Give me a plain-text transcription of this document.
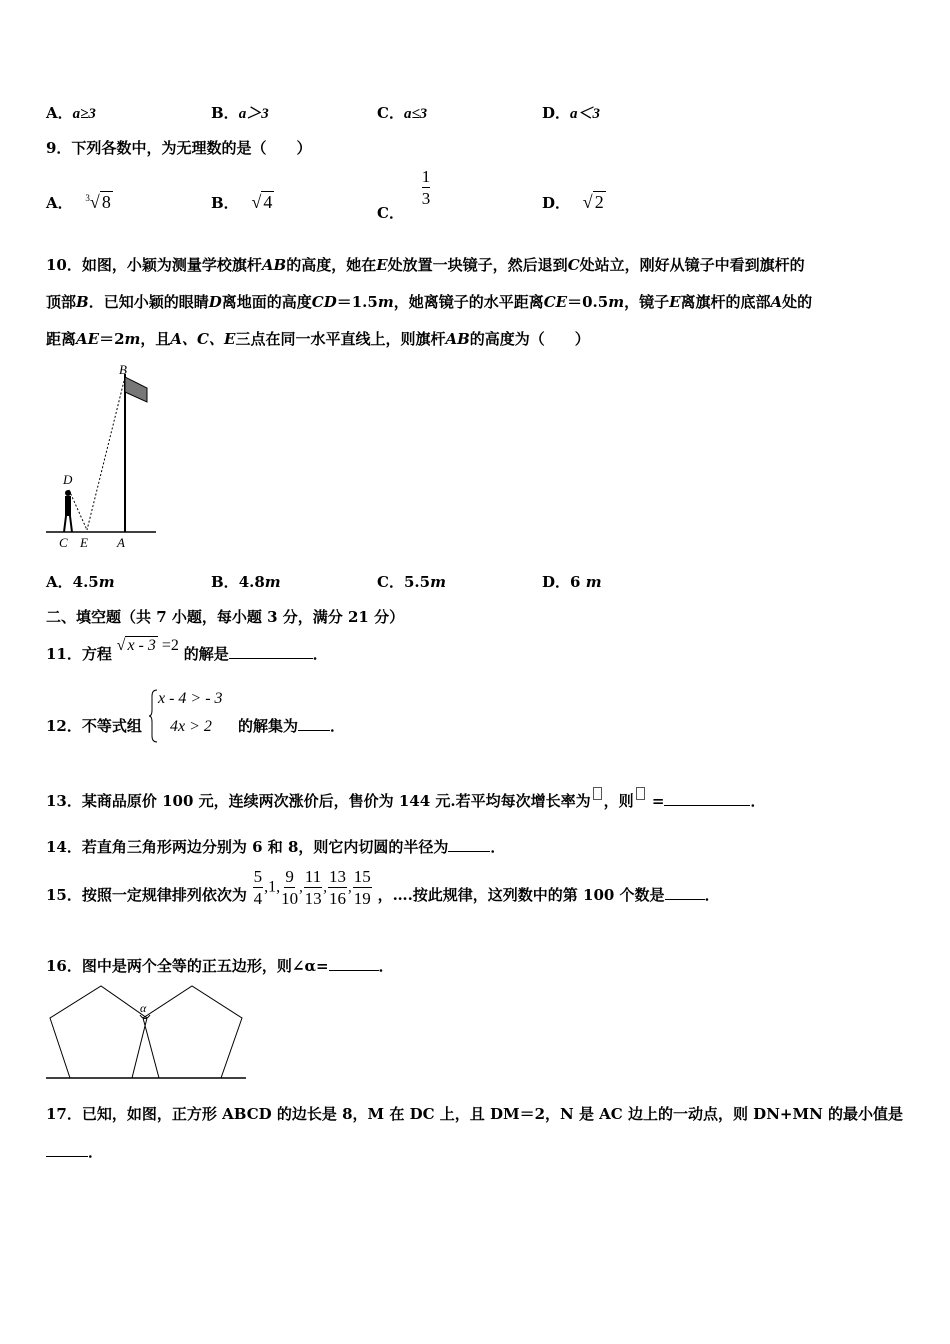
A．a≥3	B．a＞3	C．a≤3	D．a＜3
9．下列各数中，为无理数的是（　　）
A． $^3$√ 8	B． √ 4
C．
$\frac{1}{3}$	D． √ 2
10．如图，小颖为测量学校旗杆AB的高度，她在E处放置一块镜子，然后退到C处站立，刚好从镜子中看到旗杆的
顶部B．已知小颖的眼睛D离地面的高度CD＝1.5m，她离镜子的水平距离CE＝0.5m，镜子E离旗杆的底部A处的
距离AE＝2m，且A、C、E三点在同一水平直线上，则旗杆AB的高度为（　　）
B
D
C E A
A．4.5m	B．4.8m	C．5.5m	D．6 m
二、填空题（共 7 小题，每小题 3 分，满分 21 分）
11．方程 √ x - 3 =2 的解是	．
12．不等式组
x - 4 > - 3
4x > 2 的解集为 ．
13．某商品原价 100 元，连续两次涨价后，售价为 144 元.若平均每次增长率为 ，则 =	．
14．若直角三角形两边分别为 6 和 8，则它内切圆的半径为	．
15．按照一定规律排列依次为 $\frac{5}{4} ,1$, $\frac{9}{10}$ , $\frac{11}{13}$ , $\frac{13}{16}$ , $\frac{15}{19}$ ，….按此规律，这列数中的第 100 个数是	．
16．图中是两个全等的正五边形，则∠α=	．
α
17．已知，如图，正方形 ABCD 的边长是 8，M 在 DC 上，且 DM＝2，N 是 AC 边上的一动点，则 DN+MN 的最小值是．
